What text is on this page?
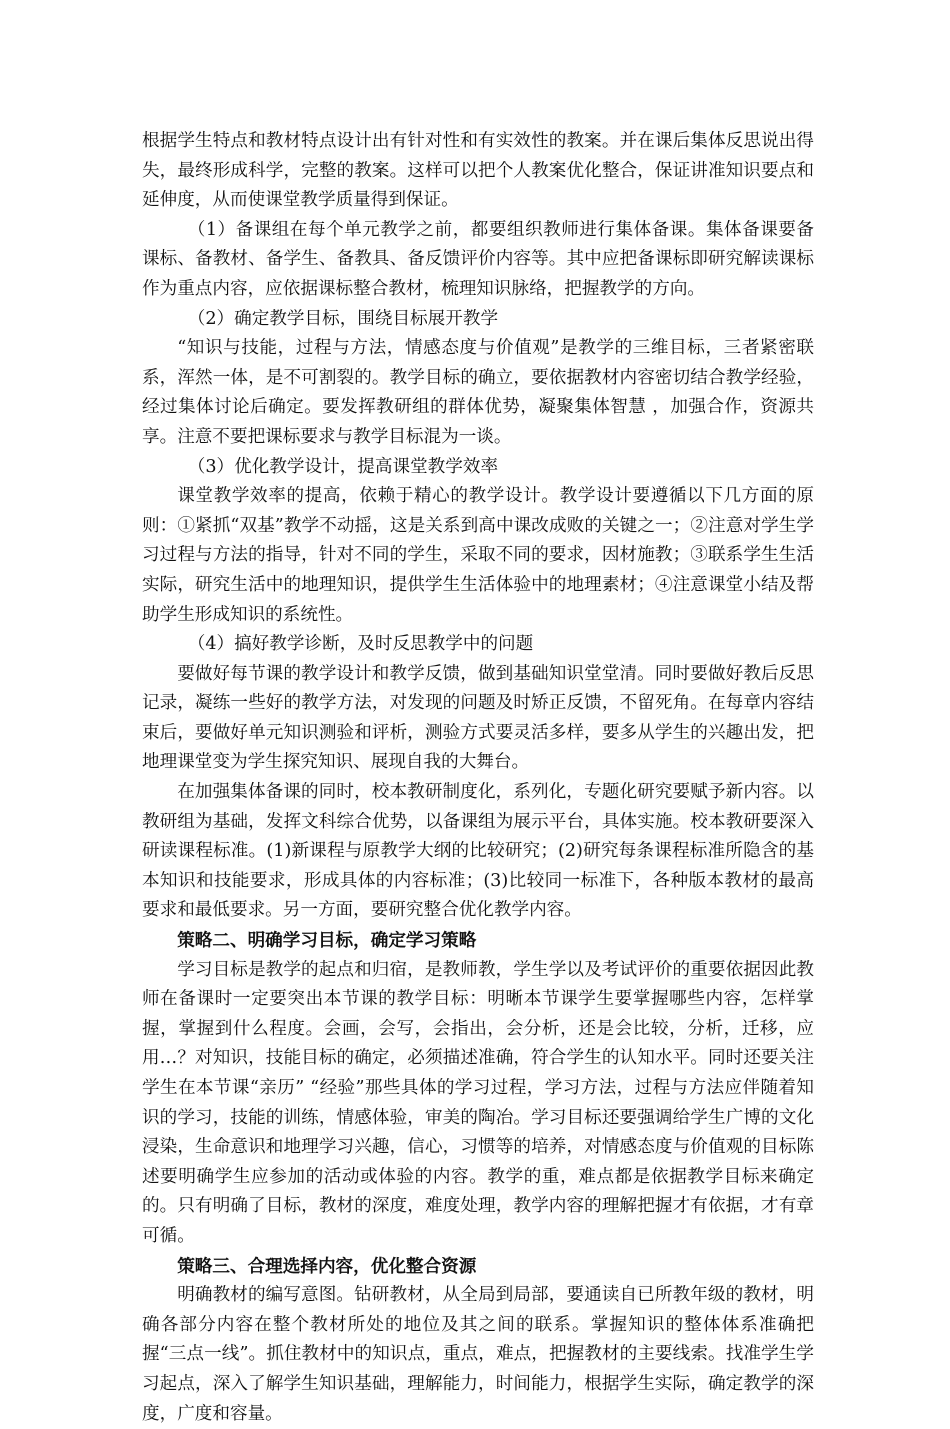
根据学生特点和教材特点设计出有针对性和有实效性的教案。并在课后集体反思说出得失，最终形成科学，完整的教案。这样可以把个人教案优化整合，保证讲准知识要点和延伸度，从而使课堂教学质量得到保证。

（1）备课组在每个单元教学之前，都要组织教师进行集体备课。集体备课要备课标、备教材、备学生、备教具、备反馈评价内容等。其中应把备课标即研究解读课标作为重点内容，应依据课标整合教材，梳理知识脉络，把握教学的方向。

（2）确定教学目标，围绕目标展开教学

“知识与技能，过程与方法，情感态度与价值观”是教学的三维目标，三者紧密联系，浑然一体，是不可割裂的。教学目标的确立，要依据教材内容密切结合教学经验，经过集体讨论后确定。要发挥教研组的群体优势，凝聚集体智慧 ，加强合作，资源共享。注意不要把课标要求与教学目标混为一谈。

（3）优化教学设计，提高课堂教学效率

课堂教学效率的提高，依赖于精心的教学设计。教学设计要遵循以下几方面的原则：①紧抓“双基”教学不动摇，这是关系到高中课改成败的关键之一；②注意对学生学习过程与方法的指导，针对不同的学生，采取不同的要求，因材施教；③联系学生生活实际，研究生活中的地理知识，提供学生生活体验中的地理素材；④注意课堂小结及帮助学生形成知识的系统性。

（4）搞好教学诊断，及时反思教学中的问题

要做好每节课的教学设计和教学反馈，做到基础知识堂堂清。同时要做好教后反思记录，凝练一些好的教学方法，对发现的问题及时矫正反馈，不留死角。在每章内容结束后，要做好单元知识测验和评析，测验方式要灵活多样，要多从学生的兴趣出发，把地理课堂变为学生探究知识、展现自我的大舞台。

在加强集体备课的同时，校本教研制度化，系列化，专题化研究要赋予新内容。以教研组为基础，发挥文科综合优势，以备课组为展示平台，具体实施。校本教研要深入研读课程标准。(1)新课程与原教学大纲的比较研究；(2)研究每条课程标准所隐含的基本知识和技能要求，形成具体的内容标准；(3)比较同一标准下，各种版本教材的最高要求和最低要求。另一方面，要研究整合优化教学内容。

策略二、明确学习目标，确定学习策略

学习目标是教学的起点和归宿，是教师教，学生学以及考试评价的重要依据因此教师在备课时一定要突出本节课的教学目标：明晰本节课学生要掌握哪些内容，怎样掌握，掌握到什么程度。会画，会写，会指出，会分析，还是会比较，分析，迁移，应用…？对知识，技能目标的确定，必须描述准确，符合学生的认知水平。同时还要关注学生在本节课“亲历” “经验”那些具体的学习过程，学习方法，过程与方法应伴随着知识的学习，技能的训练，情感体验，审美的陶冶。学习目标还要强调给学生广博的文化浸染，生命意识和地理学习兴趣，信心，习惯等的培养，对情感态度与价值观的目标陈述要明确学生应参加的活动或体验的内容。教学的重，难点都是依据教学目标来确定的。只有明确了目标，教材的深度，难度处理，教学内容的理解把握才有依据，才有章可循。

策略三、合理选择内容，优化整合资源

明确教材的编写意图。钻研教材，从全局到局部，要通读自已所教年级的教材，明确各部分内容在整个教材所处的地位及其之间的联系。掌握知识的整体体系准确把握“三点一线”。抓住教材中的知识点，重点，难点，把握教材的主要线索。找准学生学习起点，深入了解学生知识基础，理解能力，时间能力，根据学生实际，确定教学的深度，广度和容量。
